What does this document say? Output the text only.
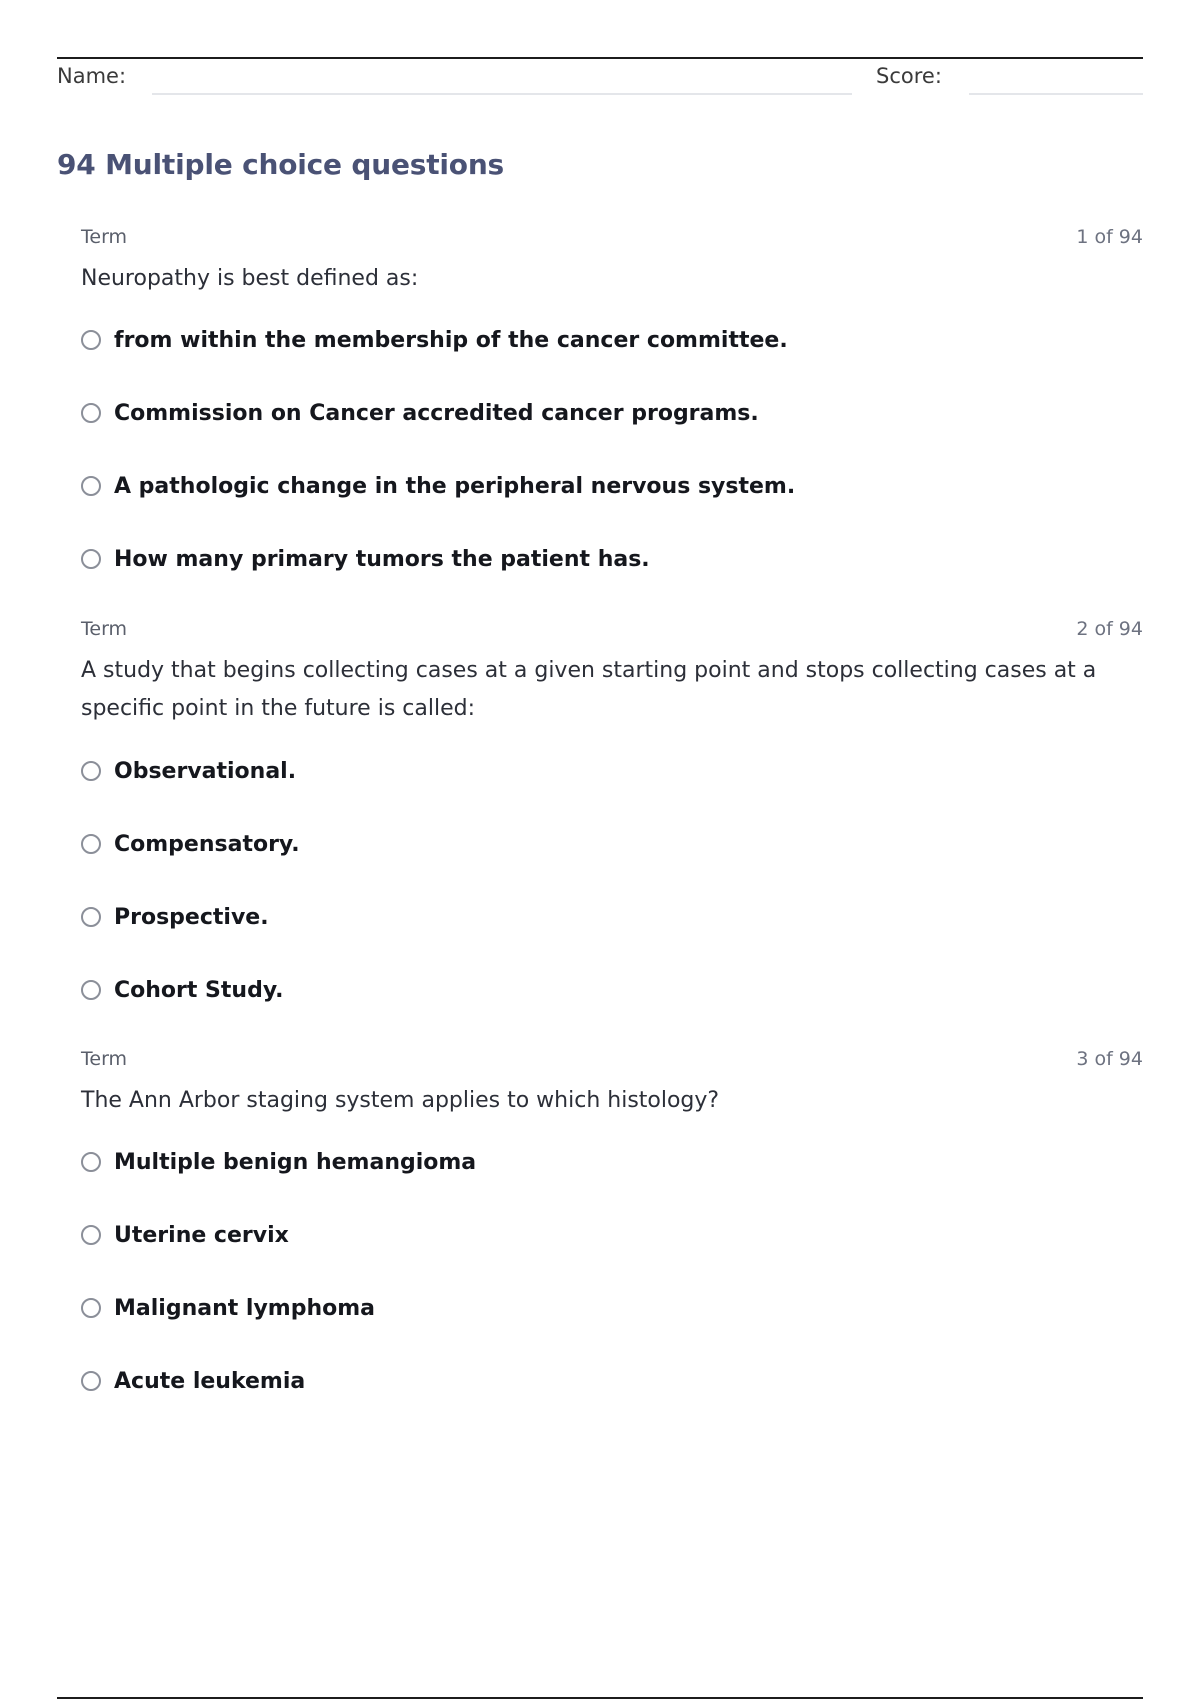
Name:	Score:
94 Multiple choice questions
Term	1 of 94
Neuropathy is best defined as:
from within the membership of the cancer committee.
Commission on Cancer accredited cancer programs.
A pathologic change in the peripheral nervous system.
How many primary tumors the patient has.
Term	2 of 94
A study that begins collecting cases at a given starting point and stops collecting cases at a specific point in the future is called:
Observational.
Compensatory.
Prospective.
Cohort Study.
Term	3 of 94
The Ann Arbor staging system applies to which histology?
Multiple benign hemangioma
Uterine cervix
Malignant lymphoma
Acute leukemia
